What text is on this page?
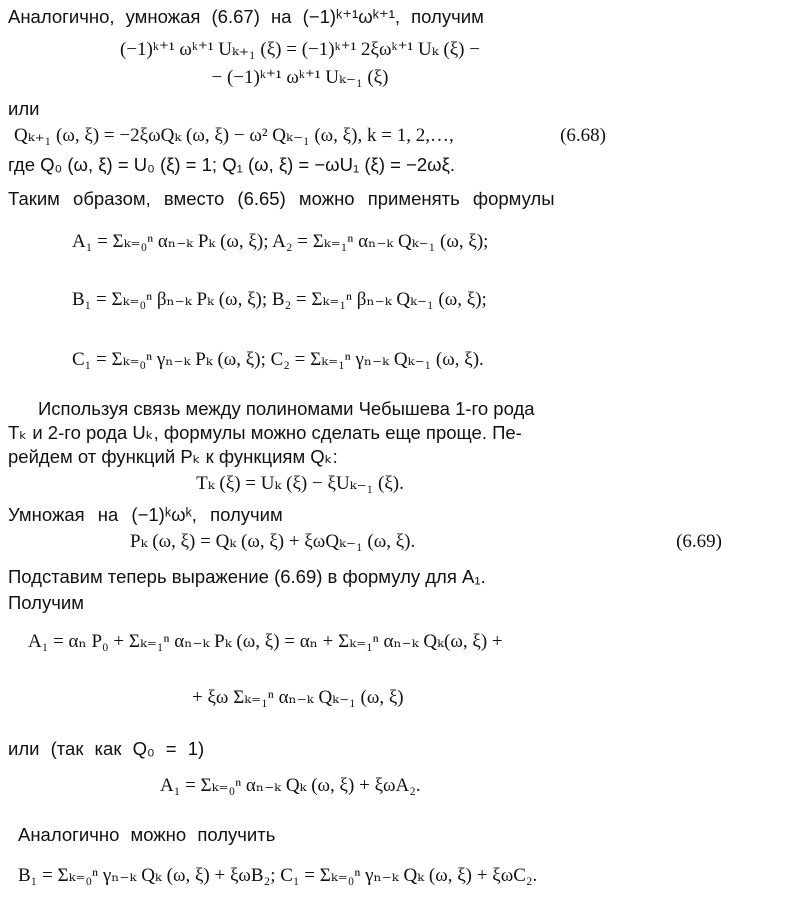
Аналогично, умножая (6.67) на (−1)ᵏ⁺¹ωᵏ⁺¹, получим
(−1)ᵏ⁺¹ ωᵏ⁺¹ Uₖ₊₁ (ξ) = (−1)ᵏ⁺¹ 2ξωᵏ⁺¹ Uₖ (ξ) −
− (−1)ᵏ⁺¹ ωᵏ⁺¹ Uₖ₋₁ (ξ)
или
Qₖ₊₁ (ω, ξ) = −2ξωQₖ (ω, ξ) − ω² Qₖ₋₁ (ω, ξ), k = 1, 2,…,	(6.68)
где Q₀ (ω, ξ) = U₀ (ξ) = 1; Q₁ (ω, ξ) = −ωU₁ (ξ) = −2ωξ.
Таким образом, вместо (6.65) можно применять формулы
A₁ = Σₖ₌₀ⁿ αₙ₋ₖ Pₖ (ω, ξ); A₂ = Σₖ₌₁ⁿ αₙ₋ₖ Qₖ₋₁ (ω, ξ);
B₁ = Σₖ₌₀ⁿ βₙ₋ₖ Pₖ (ω, ξ); B₂ = Σₖ₌₁ⁿ βₙ₋ₖ Qₖ₋₁ (ω, ξ);
C₁ = Σₖ₌₀ⁿ γₙ₋ₖ Pₖ (ω, ξ); C₂ = Σₖ₌₁ⁿ γₙ₋ₖ Qₖ₋₁ (ω, ξ).
Используя связь между полиномами Чебышева 1-го рода
Tₖ и 2-го рода Uₖ, формулы можно сделать еще проще. Пе-
рейдем от функций Pₖ к функциям Qₖ:
Tₖ (ξ) = Uₖ (ξ) − ξUₖ₋₁ (ξ).
Умножая на (−1)ᵏωᵏ, получим
Pₖ (ω, ξ) = Qₖ (ω, ξ) + ξωQₖ₋₁ (ω, ξ).	(6.69)
Подставим теперь выражение (6.69) в формулу для A₁.
Получим
A₁ = αₙ P₀ + Σₖ₌₁ⁿ αₙ₋ₖ Pₖ (ω, ξ) = αₙ + Σₖ₌₁ⁿ αₙ₋ₖ Qₖ(ω, ξ) +
+ ξω Σₖ₌₁ⁿ αₙ₋ₖ Qₖ₋₁ (ω, ξ)
или (так как Q₀ = 1)
A₁ = Σₖ₌₀ⁿ αₙ₋ₖ Qₖ (ω, ξ) + ξωA₂.
Аналогично можно получить
B₁ = Σₖ₌₀ⁿ γₙ₋ₖ Qₖ (ω, ξ) + ξωB₂; C₁ = Σₖ₌₀ⁿ γₙ₋ₖ Qₖ (ω, ξ) + ξωC₂.
